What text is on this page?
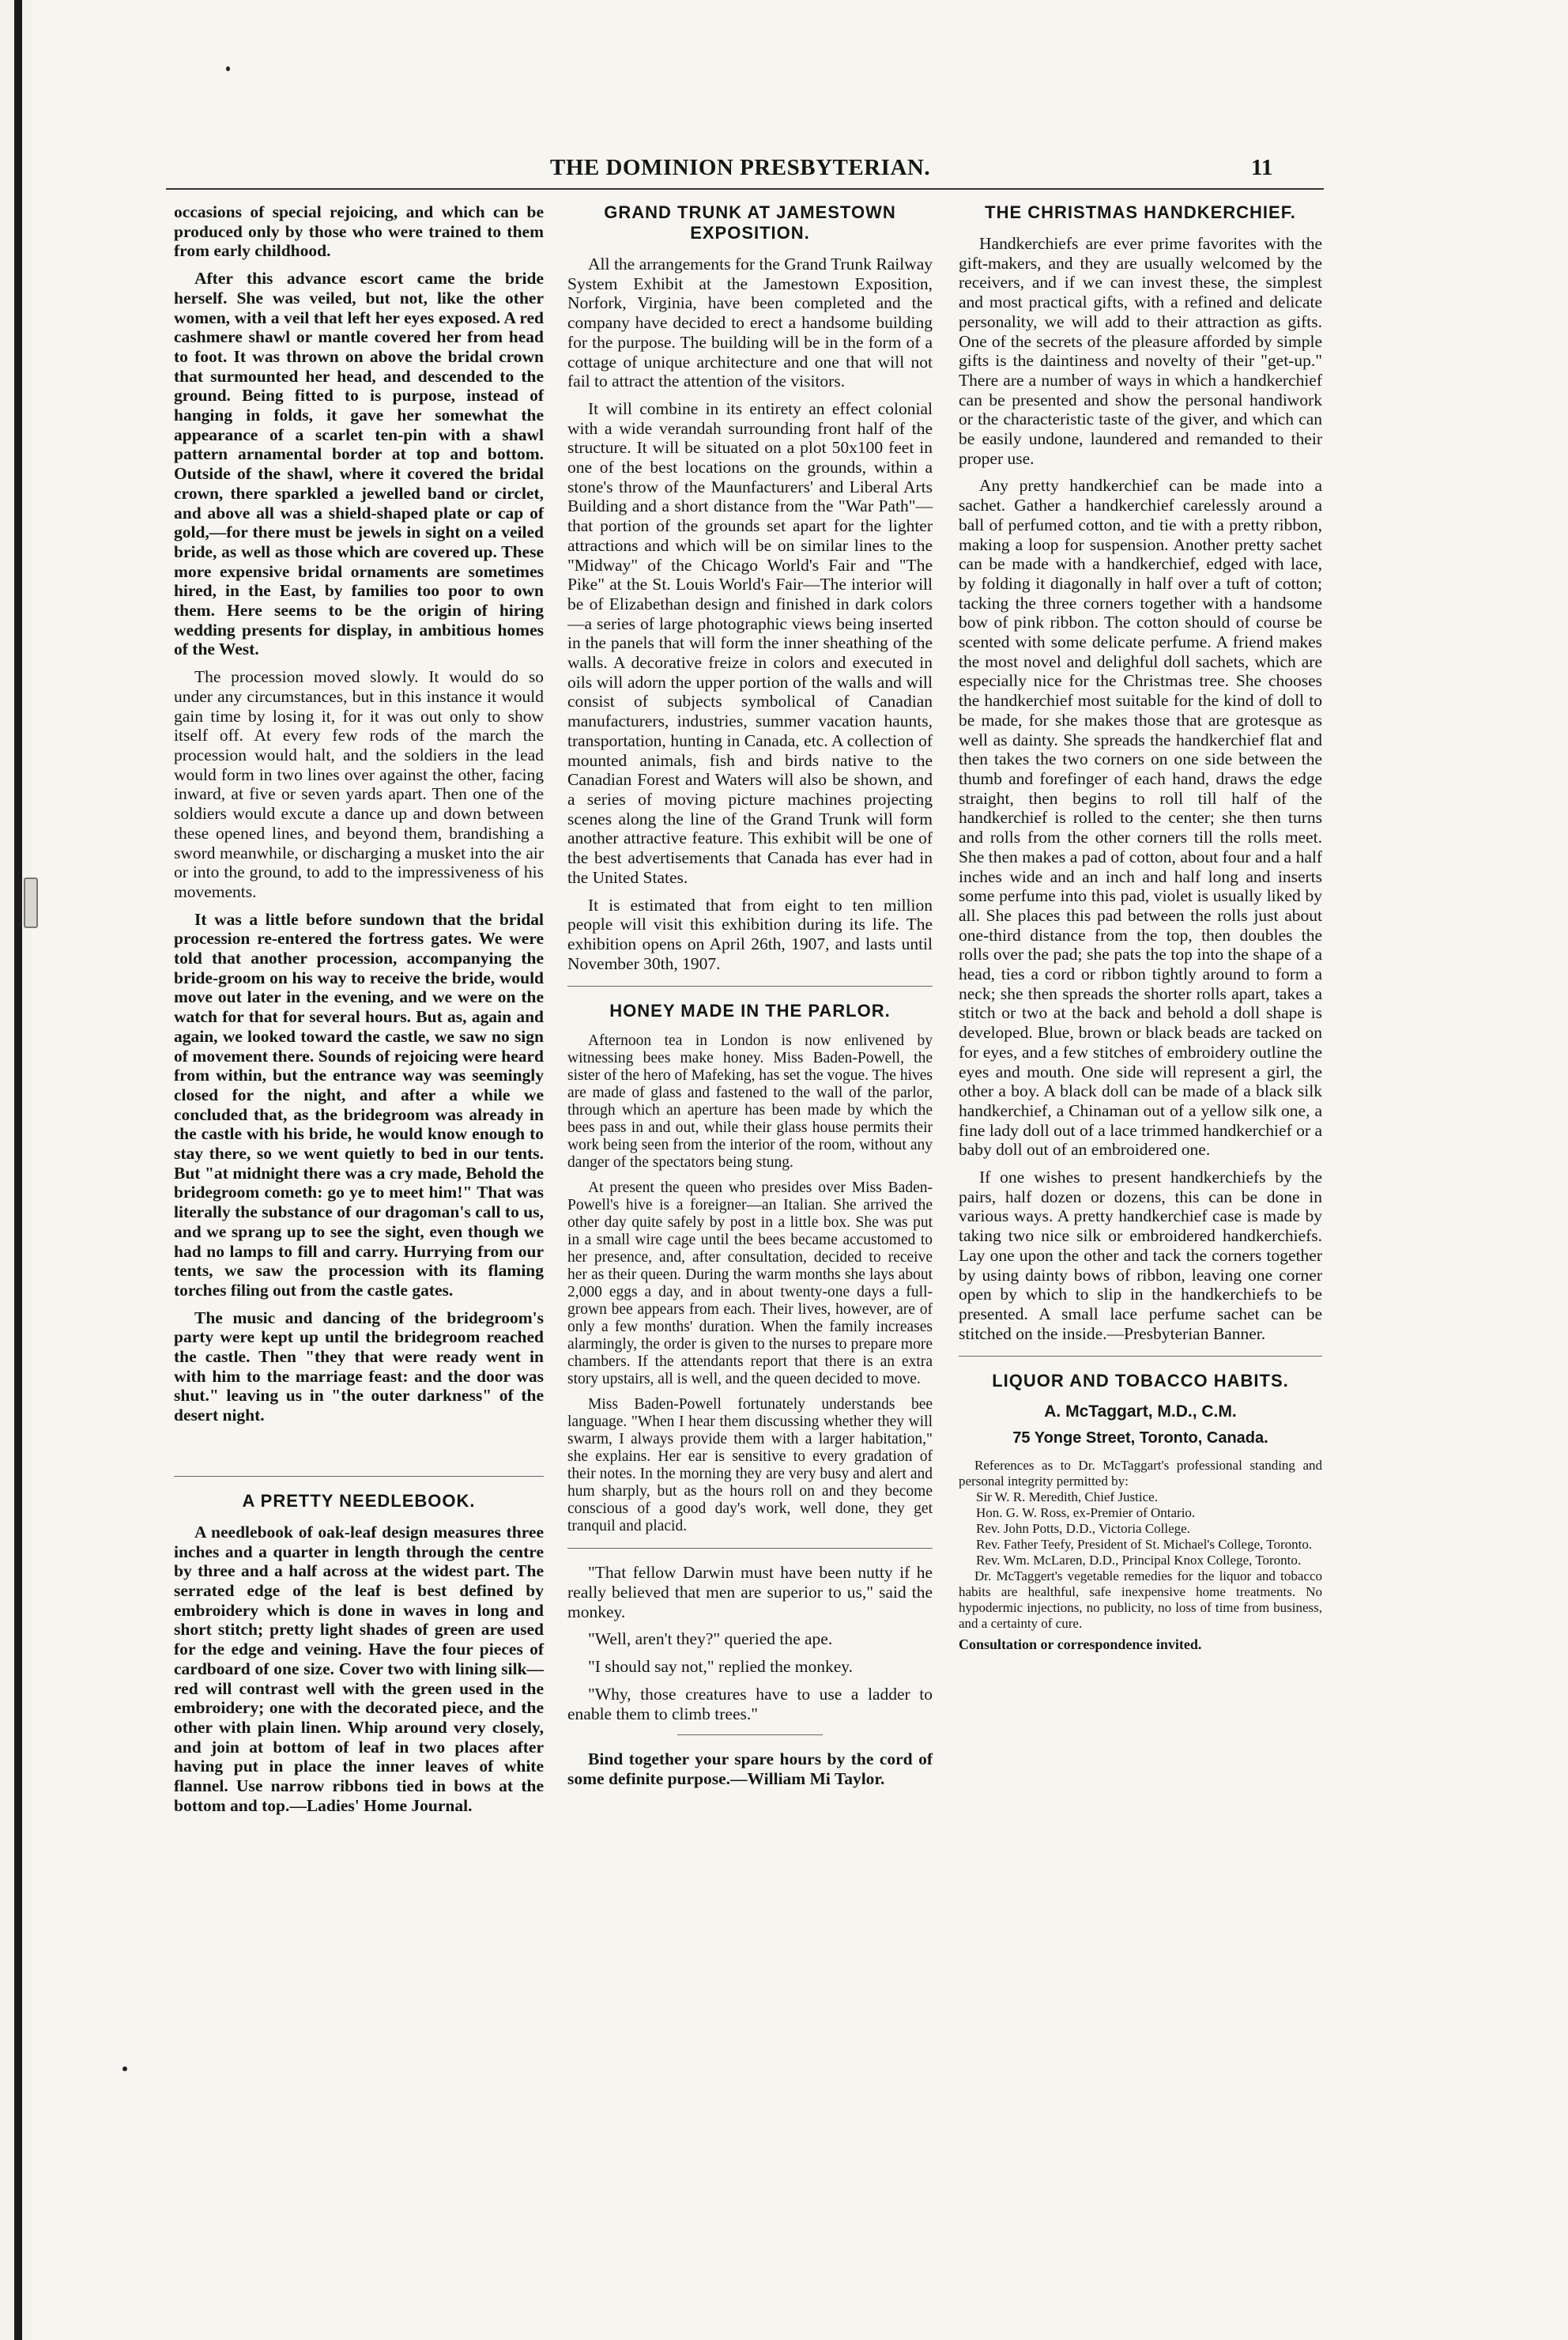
THE DOMINION PRESBYTERIAN.	11

occasions of special rejoicing, and which can be produced only by those who were trained to them from early childhood.

After this advance escort came the bride herself. She was veiled, but not, like the other women, with a veil that left her eyes exposed. A red cashmere shawl or mantle covered her from head to foot. It was thrown on above the bridal crown that surmounted her head, and descended to the ground. Being fitted to is purpose, instead of hanging in folds, it gave her somewhat the appearance of a scarlet ten-pin with a shawl pattern arnamental border at top and bottom. Outside of the shawl, where it covered the bridal crown, there sparkled a jewelled band or circlet, and above all was a shield-shaped plate or cap of gold,—for there must be jewels in sight on a veiled bride, as well as those which are covered up. These more expensive bridal ornaments are sometimes hired, in the East, by families too poor to own them. Here seems to be the origin of hiring wedding presents for display, in ambitious homes of the West.

The procession moved slowly. It would do so under any circumstances, but in this instance it would gain time by losing it, for it was out only to show itself off. At every few rods of the march the procession would halt, and the soldiers in the lead would form in two lines over against the other, facing inward, at five or seven yards apart. Then one of the soldiers would excute a dance up and down between these opened lines, and beyond them, brandishing a sword meanwhile, or discharging a musket into the air or into the ground, to add to the impressiveness of his movements.

It was a little before sundown that the bridal procession re-entered the fortress gates. We were told that another procession, accompanying the bride-groom on his way to receive the bride, would move out later in the evening, and we were on the watch for that for several hours. But as, again and again, we looked toward the castle, we saw no sign of movement there. Sounds of rejoicing were heard from within, but the entrance way was seemingly closed for the night, and after a while we concluded that, as the bridegroom was already in the castle with his bride, he would know enough to stay there, so we went quietly to bed in our tents. But "at midnight there was a cry made, Behold the bridegroom cometh: go ye to meet him!" That was literally the substance of our dragoman's call to us, and we sprang up to see the sight, even though we had no lamps to fill and carry. Hurrying from our tents, we saw the procession with its flaming torches filing out from the castle gates.

The music and dancing of the bridegroom's party were kept up until the bridegroom reached the castle. Then "they that were ready went in with him to the marriage feast: and the door was shut." leaving us in "the outer darkness" of the desert night.

A PRETTY NEEDLEBOOK.

A needlebook of oak-leaf design measures three inches and a quarter in length through the centre by three and a half across at the widest part. The serrated edge of the leaf is best defined by embroidery which is done in waves in long and short stitch; pretty light shades of green are used for the edge and veining. Have the four pieces of cardboard of one size. Cover two with lining silk—red will contrast well with the green used in the embroidery; one with the decorated piece, and the other with plain linen. Whip around very closely, and join at bottom of leaf in two places after having put in place the inner leaves of white flannel. Use narrow ribbons tied in bows at the bottom and top.—Ladies' Home Journal.

GRAND TRUNK AT JAMESTOWN EXPOSITION.

All the arrangements for the Grand Trunk Railway System Exhibit at the Jamestown Exposition, Norfork, Virginia, have been completed and the company have decided to erect a handsome building for the purpose. The building will be in the form of a cottage of unique architecture and one that will not fail to attract the attention of the visitors.

It will combine in its entirety an effect colonial with a wide verandah surrounding front half of the structure. It will be situated on a plot 50x100 feet in one of the best locations on the grounds, within a stone's throw of the Maunfacturers' and Liberal Arts Building and a short distance from the "War Path"—that portion of the grounds set apart for the lighter attractions and which will be on similar lines to the "Midway" of the Chicago World's Fair and "The Pike" at the St. Louis World's Fair—The interior will be of Elizabethan design and finished in dark colors—a series of large photographic views being inserted in the panels that will form the inner sheathing of the walls. A decorative freize in colors and executed in oils will adorn the upper portion of the walls and will consist of subjects symbolical of Canadian manufacturers, industries, summer vacation haunts, transportation, hunting in Canada, etc. A collection of mounted animals, fish and birds native to the Canadian Forest and Waters will also be shown, and a series of moving picture machines projecting scenes along the line of the Grand Trunk will form another attractive feature. This exhibit will be one of the best advertisements that Canada has ever had in the United States.

It is estimated that from eight to ten million people will visit this exhibition during its life. The exhibition opens on April 26th, 1907, and lasts until November 30th, 1907.

HONEY MADE IN THE PARLOR.

Afternoon tea in London is now enlivened by witnessing bees make honey. Miss Baden-Powell, the sister of the hero of Mafeking, has set the vogue. The hives are made of glass and fastened to the wall of the parlor, through which an aperture has been made by which the bees pass in and out, while their glass house permits their work being seen from the interior of the room, without any danger of the spectators being stung.

At present the queen who presides over Miss Baden-Powell's hive is a foreigner—an Italian. She arrived the other day quite safely by post in a little box. She was put in a small wire cage until the bees became accustomed to her presence, and, after consultation, decided to receive her as their queen. During the warm months she lays about 2,000 eggs a day, and in about twenty-one days a full-grown bee appears from each. Their lives, however, are of only a few months' duration. When the family increases alarmingly, the order is given to the nurses to prepare more chambers. If the attendants report that there is an extra story upstairs, all is well, and the queen decided to move.

Miss Baden-Powell fortunately understands bee language. "When I hear them discussing whether they will swarm, I always provide them with a larger habitation," she explains. Her ear is sensitive to every gradation of their notes. In the morning they are very busy and alert and hum sharply, but as the hours roll on and they become conscious of a good day's work, well done, they get tranquil and placid.

"That fellow Darwin must have been nutty if he really believed that men are superior to us," said the monkey.

"Well, aren't they?" queried the ape.

"I should say not," replied the monkey.

"Why, those creatures have to use a ladder to enable them to climb trees."

Bind together your spare hours by the cord of some definite purpose.—William Mi Taylor.

THE CHRISTMAS HANDKERCHIEF.

Handkerchiefs are ever prime favorites with the gift-makers, and they are usually welcomed by the receivers, and if we can invest these, the simplest and most practical gifts, with a refined and delicate personality, we will add to their attraction as gifts. One of the secrets of the pleasure afforded by simple gifts is the daintiness and novelty of their "get-up." There are a number of ways in which a handkerchief can be presented and show the personal handiwork or the characteristic taste of the giver, and which can be easily undone, laundered and remanded to their proper use.

Any pretty handkerchief can be made into a sachet. Gather a handkerchief carelessly around a ball of perfumed cotton, and tie with a pretty ribbon, making a loop for suspension. Another pretty sachet can be made with a handkerchief, edged with lace, by folding it diagonally in half over a tuft of cotton; tacking the three corners together with a handsome bow of pink ribbon. The cotton should of course be scented with some delicate perfume. A friend makes the most novel and delighful doll sachets, which are especially nice for the Christmas tree. She chooses the handkerchief most suitable for the kind of doll to be made, for she makes those that are grotesque as well as dainty. She spreads the handkerchief flat and then takes the two corners on one side between the thumb and forefinger of each hand, draws the edge straight, then begins to roll till half of the handkerchief is rolled to the center; she then turns and rolls from the other corners till the rolls meet. She then makes a pad of cotton, about four and a half inches wide and an inch and half long and inserts some perfume into this pad, violet is usually liked by all. She places this pad between the rolls just about one-third distance from the top, then doubles the rolls over the pad; she pats the top into the shape of a head, ties a cord or ribbon tightly around to form a neck; she then spreads the shorter rolls apart, takes a stitch or two at the back and behold a doll shape is developed. Blue, brown or black beads are tacked on for eyes, and a few stitches of embroidery outline the eyes and mouth. One side will represent a girl, the other a boy. A black doll can be made of a black silk handkerchief, a Chinaman out of a yellow silk one, a fine lady doll out of a lace trimmed handkerchief or a baby doll out of an embroidered one.

If one wishes to present handkerchiefs by the pairs, half dozen or dozens, this can be done in various ways. A pretty handkerchief case is made by taking two nice silk or embroidered handkerchiefs. Lay one upon the other and tack the corners together by using dainty bows of ribbon, leaving one corner open by which to slip in the handkerchiefs to be presented. A small lace perfume sachet can be stitched on the inside.—Presbyterian Banner.

LIQUOR AND TOBACCO HABITS.
A. McTaggart, M.D., C.M.
75 Yonge Street, Toronto, Canada.

References as to Dr. McTaggart's professional standing and personal integrity permitted by:

Sir W. R. Meredith, Chief Justice.
Hon. G. W. Ross, ex-Premier of Ontario.
Rev. John Potts, D.D., Victoria College.
Rev. Father Teefy, President of St. Michael's College, Toronto.
Rev. Wm. McLaren, D.D., Principal Knox College, Toronto.

Dr. McTaggert's vegetable remedies for the liquor and tobacco habits are healthful, safe inexpensive home treatments. No hypodermic injections, no publicity, no loss of time from business, and a certainty of cure.

Consultation or correspondence invited.
